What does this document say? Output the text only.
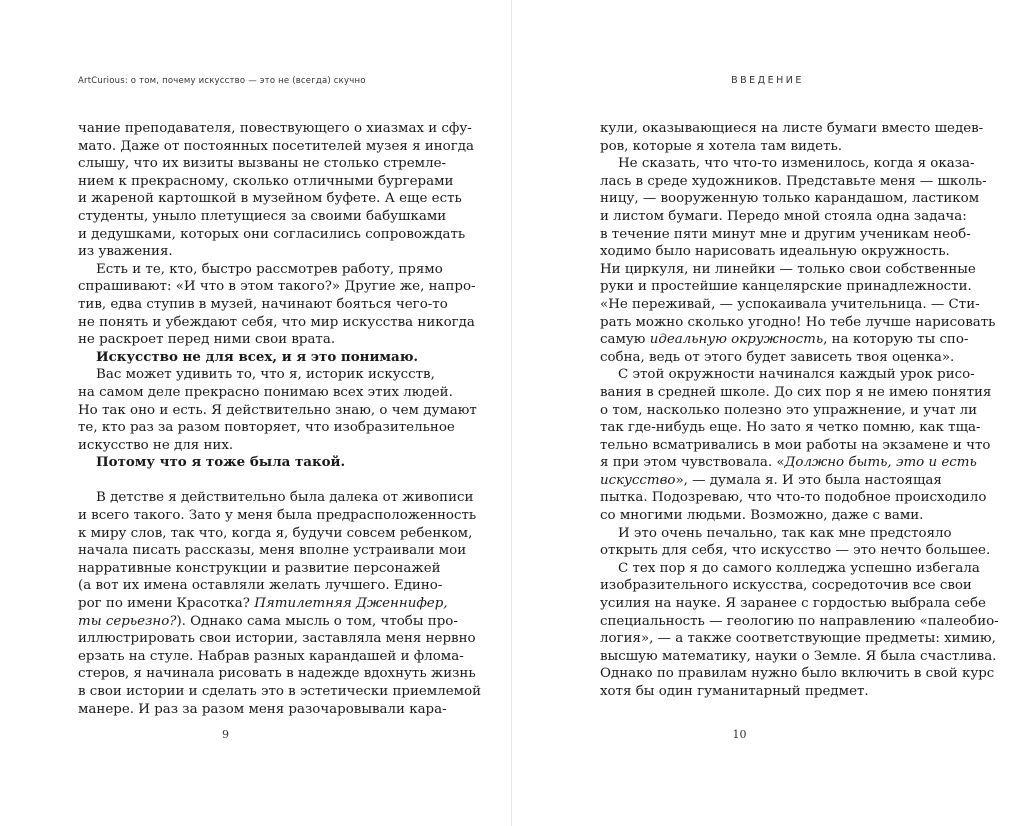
ArtCurious: о том, почему искусство — это не (всегда) скучно
чание преподавателя, повествующего о хиазмах и сфу-
мато. Даже от постоянных посетителей музея я иногда
слышу, что их визиты вызваны не столько стремле-
нием к прекрасному, сколько отличными бургерами
и жареной картошкой в музейном буфете. А еще есть
студенты, уныло плетущиеся за своими бабушками
и дедушками, которых они согласились сопровождать
из уважения.
Есть и те, кто, быстро рассмотрев работу, прямо
спрашивают: «И что в этом такого?» Другие же, напро-
тив, едва ступив в музей, начинают бояться чего-то
не понять и убеждают себя, что мир искусства никогда
не раскроет перед ними свои врата.
Искусство не для всех, и я это понимаю.
Вас может удивить то, что я, историк искусств,
на самом деле прекрасно понимаю всех этих людей.
Но так оно и есть. Я действительно знаю, о чем думают
те, кто раз за разом повторяет, что изобразительное
искусство не для них.
Потому что я тоже была такой.
В детстве я действительно была далека от живописи
и всего такого. Зато у меня была предрасположенность
к миру слов, так что, когда я, будучи совсем ребенком,
начала писать рассказы, меня вполне устраивали мои
нарративные конструкции и развитие персонажей
(а вот их имена оставляли желать лучшего. Едино-
рог по имени Красотка? Пятилетняя Дженнифер,
ты серьезно?). Однако сама мысль о том, чтобы про-
иллюстрировать свои истории, заставляла меня нервно
ерзать на стуле. Набрав разных карандашей и флома-
стеров, я начинала рисовать в надежде вдохнуть жизнь
в свои истории и сделать это в эстетически приемлемой
манере. И раз за разом меня разочаровывали кара-
9
ВВЕДЕНИЕ
кули, оказывающиеся на листе бумаги вместо шедев-
ров, которые я хотела там видеть.
Не сказать, что что-то изменилось, когда я оказа-
лась в среде художников. Представьте меня — школь-
ницу, — вооруженную только карандашом, ластиком
и листом бумаги. Передо мной стояла одна задача:
в течение пяти минут мне и другим ученикам необ-
ходимо было нарисовать идеальную окружность.
Ни циркуля, ни линейки — только свои собственные
руки и простейшие канцелярские принадлежности.
«Не переживай, — успокаивала учительница. — Сти-
рать можно сколько угодно! Но тебе лучше нарисовать
самую идеальную окружность, на которую ты спо-
собна, ведь от этого будет зависеть твоя оценка».
С этой окружности начинался каждый урок рисо-
вания в средней школе. До сих пор я не имею понятия
о том, насколько полезно это упражнение, и учат ли
так где-нибудь еще. Но зато я четко помню, как тща-
тельно всматривались в мои работы на экзамене и что
я при этом чувствовала. «Должно быть, это и есть
искусство», — думала я. И это была настоящая
пытка. Подозреваю, что что-то подобное происходило
со многими людьми. Возможно, даже с вами.
И это очень печально, так как мне предстояло
открыть для себя, что искусство — это нечто большее.
С тех пор я до самого колледжа успешно избегала
изобразительного искусства, сосредоточив все свои
усилия на науке. Я заранее с гордостью выбрала себе
специальность — геологию по направлению «палеобио-
логия», — а также соответствующие предметы: химию,
высшую математику, науки о Земле. Я была счастлива.
Однако по правилам нужно было включить в свой курс
хотя бы один гуманитарный предмет.
10
